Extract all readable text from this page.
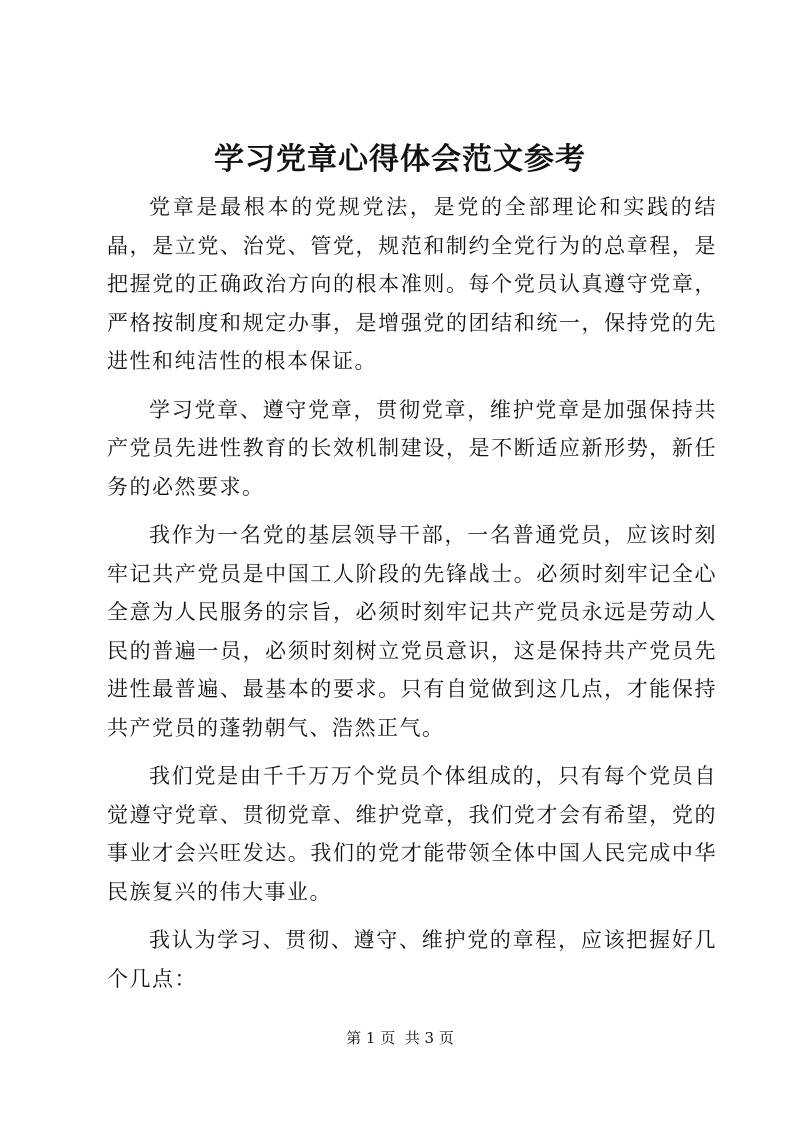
学习党章心得体会范文参考

党章是最根本的党规党法，是党的全部理论和实践的结晶，是立党、治党、管党，规范和制约全党行为的总章程，是把握党的正确政治方向的根本准则。每个党员认真遵守党章，严格按制度和规定办事，是增强党的团结和统一，保持党的先进性和纯洁性的根本保证。

学习党章、遵守党章，贯彻党章，维护党章是加强保持共产党员先进性教育的长效机制建设，是不断适应新形势，新任务的必然要求。

我作为一名党的基层领导干部，一名普通党员，应该时刻牢记共产党员是中国工人阶段的先锋战士。必须时刻牢记全心全意为人民服务的宗旨，必须时刻牢记共产党员永远是劳动人民的普遍一员，必须时刻树立党员意识，这是保持共产党员先进性最普遍、最基本的要求。只有自觉做到这几点，才能保持共产党员的蓬勃朝气、浩然正气。

我们党是由千千万万个党员个体组成的，只有每个党员自觉遵守党章、贯彻党章、维护党章，我们党才会有希望，党的事业才会兴旺发达。我们的党才能带领全体中国人民完成中华民族复兴的伟大事业。

我认为学习、贯彻、遵守、维护党的章程，应该把握好几个几点：

第 1 页  共 3 页
